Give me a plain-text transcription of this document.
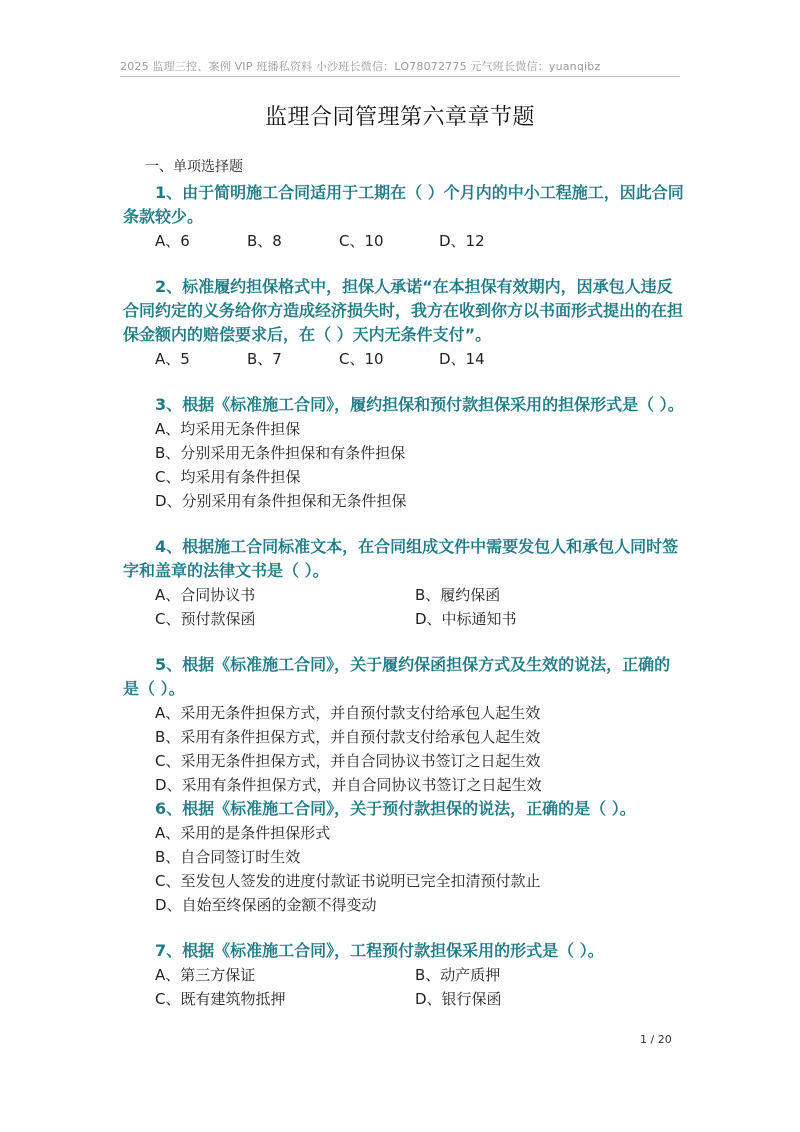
2025 监理三控、案例 VIP 班播私资料 小沙班长微信：LO78072775 元气班长微信：yuanqibz
监理合同管理第六章章节题
一、单项选择题

1、由于简明施工合同适用于工期在（ ）个月内的中小工程施工，因此合同条款较少。

A、6	B、8	C、10	D、12

2、标准履约担保格式中，担保人承诺“在本担保有效期内，因承包人违反合同约定的义务给你方造成经济损失时，我方在收到你方以书面形式提出的在担保金额内的赔偿要求后，在（ ）天内无条件支付”。

A、5	B、7	C、10	D、14

3、根据《标准施工合同》，履约担保和预付款担保采用的担保形式是（ ）。

A、均采用无条件担保
B、分别采用无条件担保和有条件担保
C、均采用有条件担保
D、分别采用有条件担保和无条件担保

4、根据施工合同标准文本，在合同组成文件中需要发包人和承包人同时签字和盖章的法律文书是（ ）。

A、合同协议书	B、履约保函
C、预付款保函	D、中标通知书

5、根据《标准施工合同》，关于履约保函担保方式及生效的说法，正确的是（ ）。

A、采用无条件担保方式，并自预付款支付给承包人起生效
B、采用有条件担保方式，并自预付款支付给承包人起生效
C、采用无条件担保方式，并自合同协议书签订之日起生效
D、采用有条件担保方式，并自合同协议书签订之日起生效

6、根据《标准施工合同》，关于预付款担保的说法，正确的是（ ）。

A、采用的是条件担保形式
B、自合同签订时生效
C、至发包人签发的进度付款证书说明已完全扣清预付款止
D、自始至终保函的金额不得变动

7、根据《标准施工合同》，工程预付款担保采用的形式是（ ）。

A、第三方保证	B、动产质押
C、既有建筑物抵押	D、银行保函
1 / 20
